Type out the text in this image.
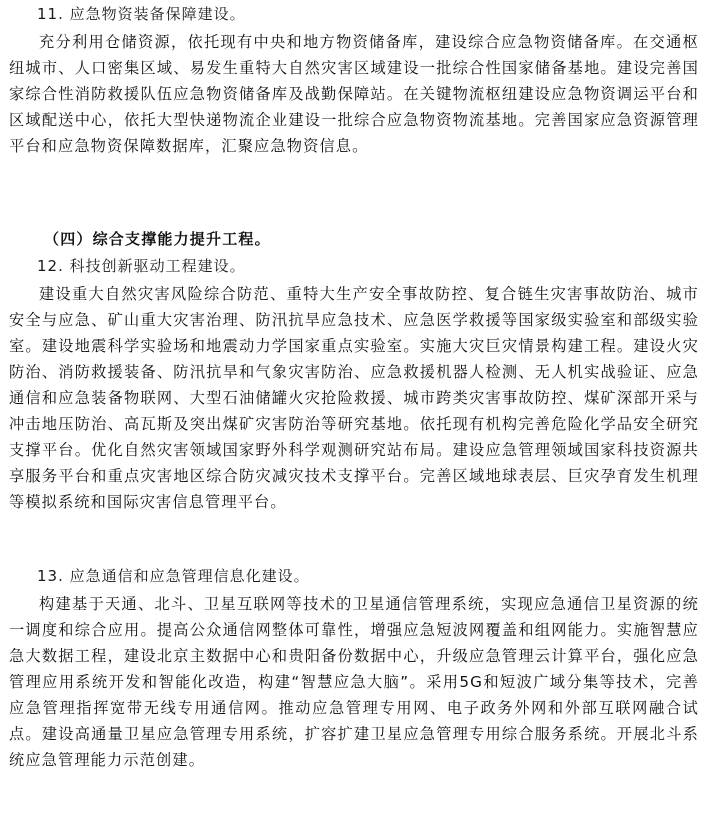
11. 应急物资装备保障建设。

充分利用仓储资源，依托现有中央和地方物资储备库，建设综合应急物资储备库。在交通枢纽城市、人口密集区域、易发生重特大自然灾害区域建设一批综合性国家储备基地。建设完善国家综合性消防救援队伍应急物资储备库及战勤保障站。在关键物流枢纽建设应急物资调运平台和区域配送中心，依托大型快递物流企业建设一批综合应急物资物流基地。完善国家应急资源管理平台和应急物资保障数据库，汇聚应急物资信息。

（四）综合支撑能力提升工程。

12. 科技创新驱动工程建设。

建设重大自然灾害风险综合防范、重特大生产安全事故防控、复合链生灾害事故防治、城市安全与应急、矿山重大灾害治理、防汛抗旱应急技术、应急医学救援等国家级实验室和部级实验室。建设地震科学实验场和地震动力学国家重点实验室。实施大灾巨灾情景构建工程。建设火灾防治、消防救援装备、防汛抗旱和气象灾害防治、应急救援机器人检测、无人机实战验证、应急通信和应急装备物联网、大型石油储罐火灾抢险救援、城市跨类灾害事故防控、煤矿深部开采与冲击地压防治、高瓦斯及突出煤矿灾害防治等研究基地。依托现有机构完善危险化学品安全研究支撑平台。优化自然灾害领域国家野外科学观测研究站布局。建设应急管理领域国家科技资源共享服务平台和重点灾害地区综合防灾减灾技术支撑平台。完善区域地球表层、巨灾孕育发生机理等模拟系统和国际灾害信息管理平台。

13. 应急通信和应急管理信息化建设。

构建基于天通、北斗、卫星互联网等技术的卫星通信管理系统，实现应急通信卫星资源的统一调度和综合应用。提高公众通信网整体可靠性，增强应急短波网覆盖和组网能力。实施智慧应急大数据工程，建设北京主数据中心和贵阳备份数据中心，升级应急管理云计算平台，强化应急管理应用系统开发和智能化改造，构建“智慧应急大脑”。采用5G和短波广域分集等技术，完善应急管理指挥宽带无线专用通信网。推动应急管理专用网、电子政务外网和外部互联网融合试点。建设高通量卫星应急管理专用系统，扩容扩建卫星应急管理专用综合服务系统。开展北斗系统应急管理能力示范创建。
